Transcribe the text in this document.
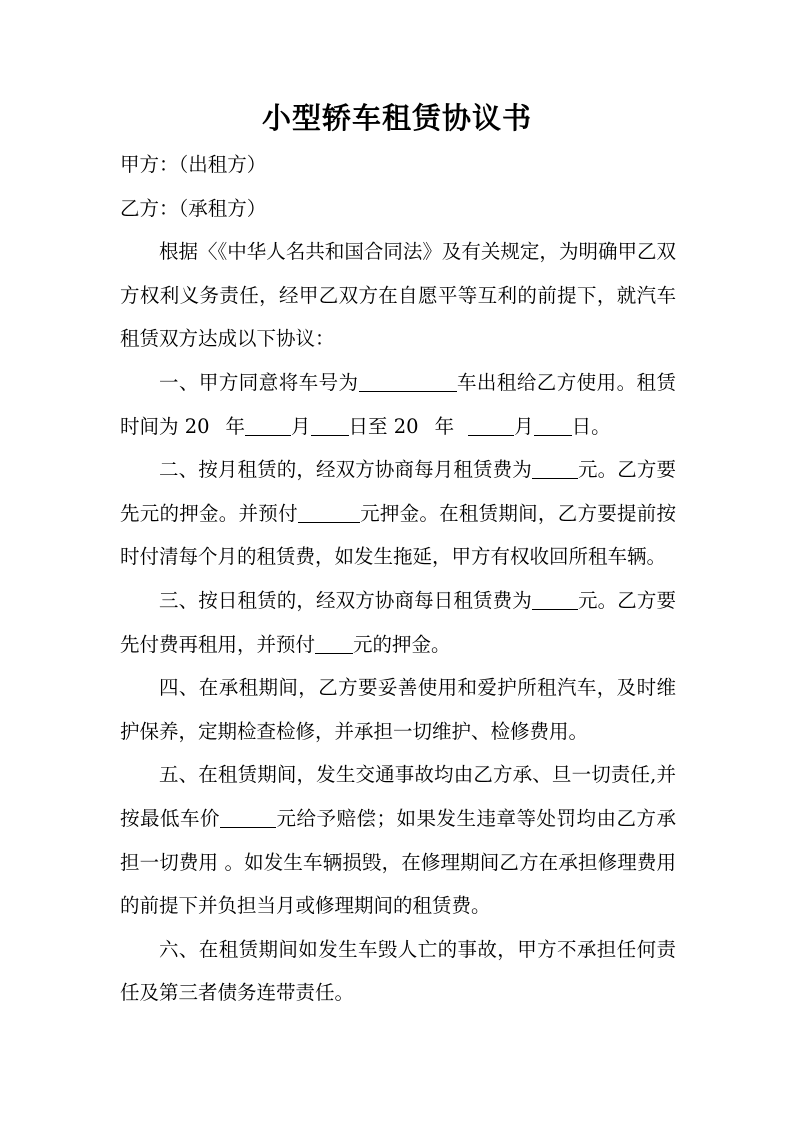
小型轿车租赁协议书

甲方：（出租方）

乙方：（承租方）

根据〈《中华人名共和国合同法》及有关规定，为明确甲乙双方权利义务责任，经甲乙双方在自愿平等互利的前提下，就汽车租赁双方达成以下协议：

一、甲方同意将车号为	车出租给乙方使用。租赁时间为 20 年 月 日至 20 年	月 日。

二、按月租赁的，经双方协商每月租赁费为 元。乙方要先元的押金。并预付	元押金。在租赁期间，乙方要提前按时付清每个月的租赁费，如发生拖延，甲方有权收回所租车辆。

三、按日租赁的，经双方协商每日租赁费为 元。乙方要先付费再租用，并预付 元的押金。

四、在承租期间，乙方要妥善使用和爱护所租汽车，及时维护保养，定期检查检修，并承担一切维护、检修费用。

五、在租赁期间，发生交通事故均由乙方承、旦一切责任,并按最低车价	元给予赔偿；如果发生违章等处罚均由乙方承担一切费用 。如发生车辆损毁，在修理期间乙方在承担修理费用的前提下并负担当月或修理期间的租赁费。

六、在租赁期间如发生车毁人亡的事故，甲方不承担任何责任及第三者债务连带责任。
